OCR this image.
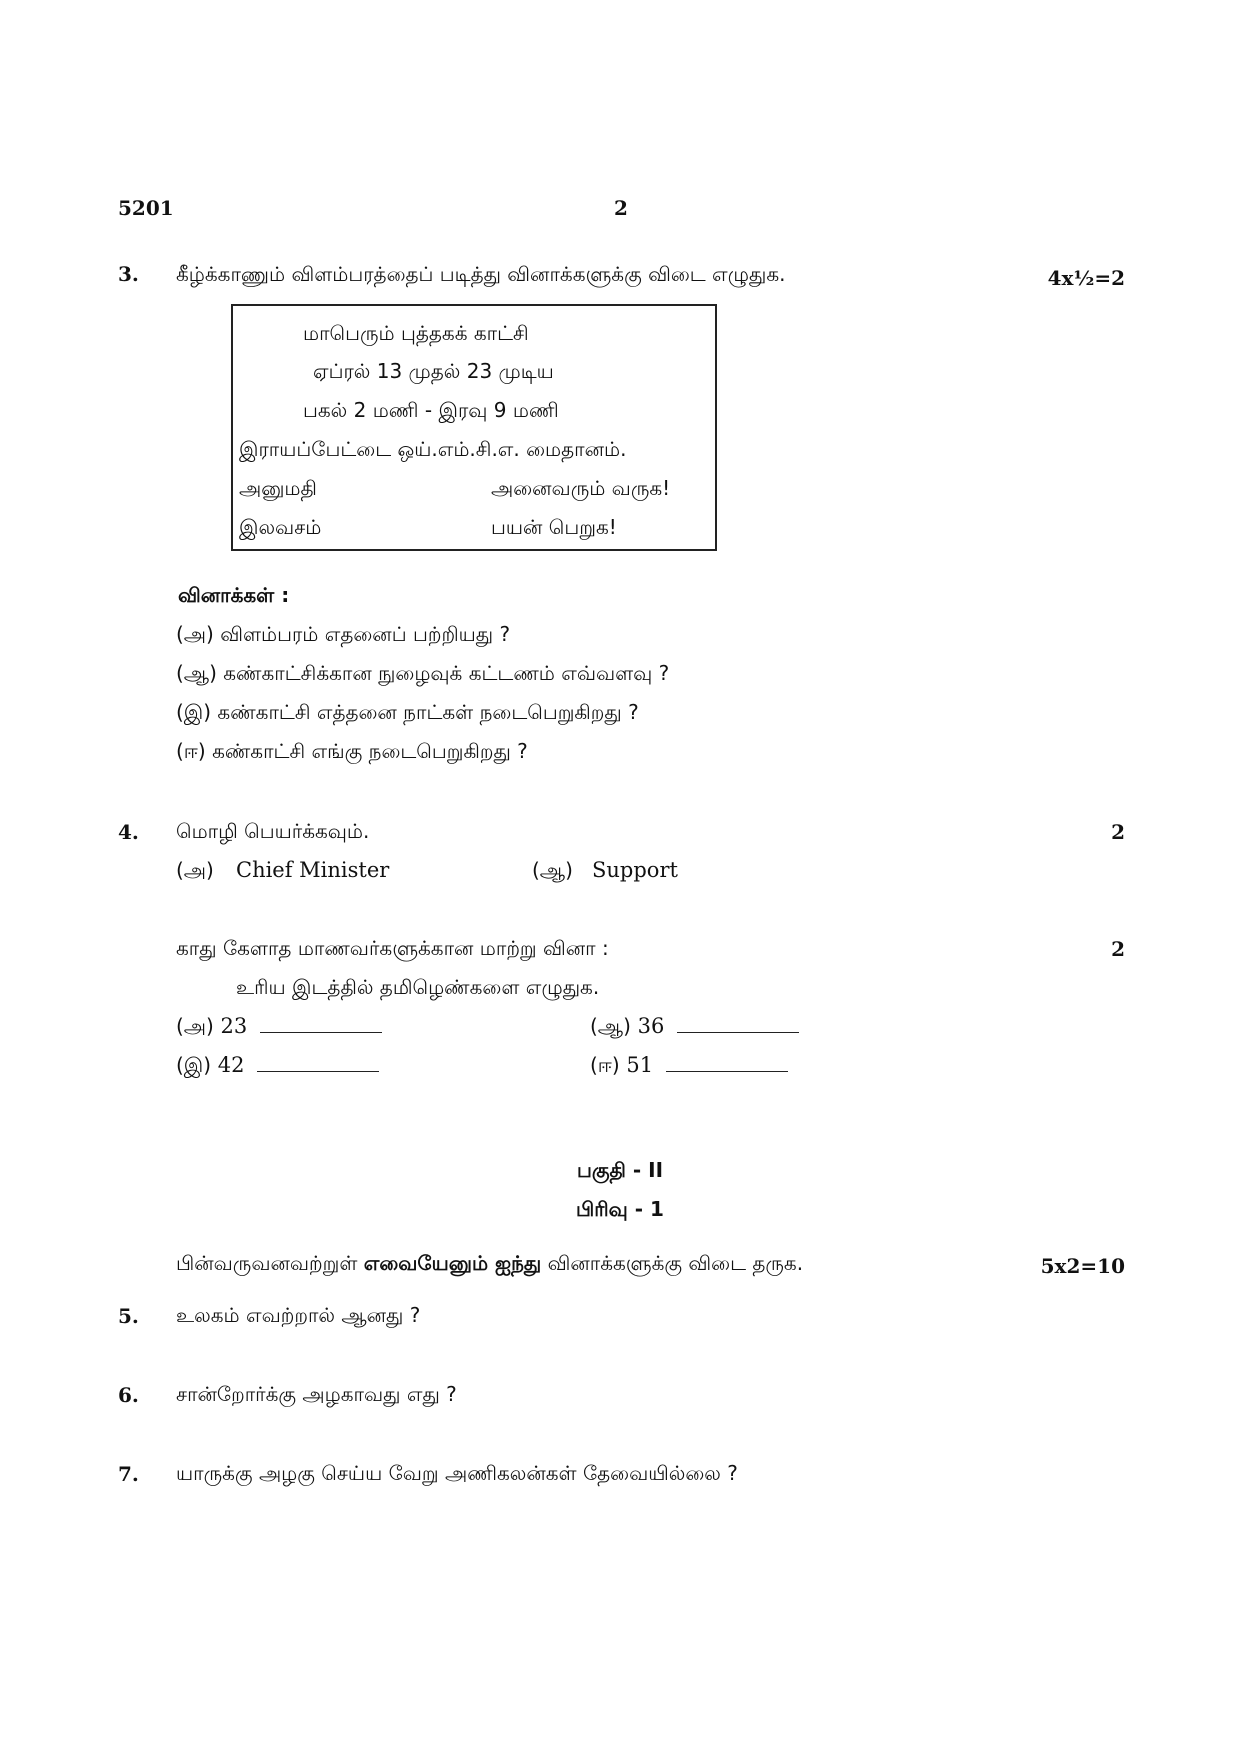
5201	2
3. கீழ்க்காணும் விளம்பரத்தைப் படித்து வினாக்களுக்கு விடை எழுதுக.	4x½=2
மாபெரும் புத்தகக் காட்சி
ஏப்ரல் 13 முதல் 23 முடிய
பகல் 2 மணி - இரவு 9 மணி
இராயப்பேட்டை ஒய்.எம்.சி.எ. மைதானம்.
அனுமதி	அனைவரும் வருக!
இலவசம்	பயன் பெறுக!
வினாக்கள் :
(அ) விளம்பரம் எதனைப் பற்றியது ?
(ஆ) கண்காட்சிக்கான நுழைவுக் கட்டணம் எவ்வளவு ?
(இ) கண்காட்சி எத்தனை நாட்கள் நடைபெறுகிறது ?
(ஈ) கண்காட்சி எங்கு நடைபெறுகிறது ?
4. மொழி பெயர்க்கவும்.	2
(அ) Chief Minister	(ஆ) Support
காது கேளாத மாணவர்களுக்கான மாற்று வினா :	2
உரிய இடத்தில் தமிழெண்களை எழுதுக.
(அ) 23	(ஆ) 36
(இ) 42	(ஈ) 51
பகுதி - II
பிரிவு - 1
பின்வருவனவற்றுள் எவையேனும் ஐந்து வினாக்களுக்கு விடை தருக.	5x2=10
5. உலகம் எவற்றால் ஆனது ?
6. சான்றோர்க்கு அழகாவது எது ?
7. யாருக்கு அழகு செய்ய வேறு அணிகலன்கள் தேவையில்லை ?
